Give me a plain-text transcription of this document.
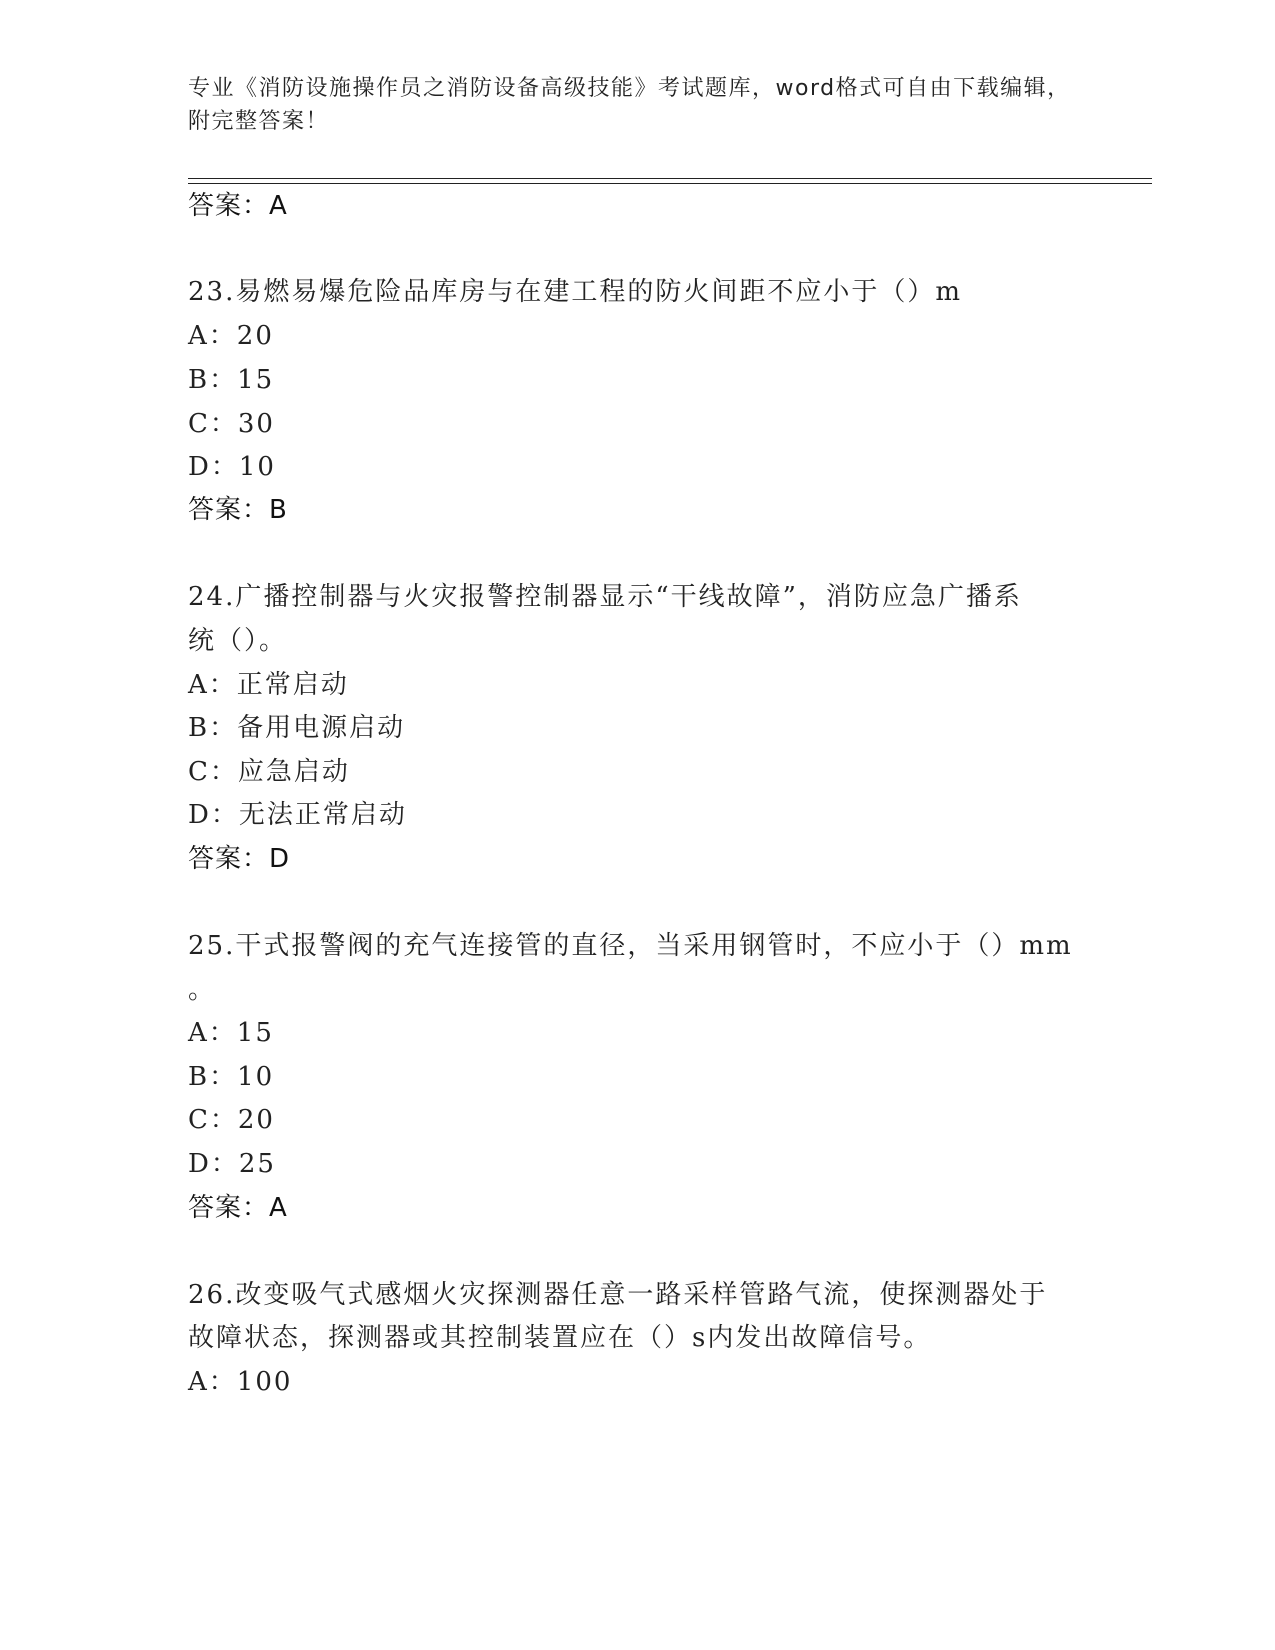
专业《消防设施操作员之消防设备高级技能》考试题库，word格式可自由下载编辑，附完整答案！
答案：A
23.易燃易爆危险品库房与在建工程的防火间距不应小于（）m
A：20
B：15
C：30
D：10
答案：B
24.广播控制器与火灾报警控制器显示“干线故障”，消防应急广播系
统（）。
A：正常启动
B：备用电源启动
C：应急启动
D：无法正常启动
答案：D
25.干式报警阀的充气连接管的直径，当采用钢管时，不应小于（）mm
。
A：15
B：10
C：20
D：25
答案：A
26.改变吸气式感烟火灾探测器任意一路采样管路气流，使探测器处于
故障状态，探测器或其控制装置应在（）s内发出故障信号。
A：100
